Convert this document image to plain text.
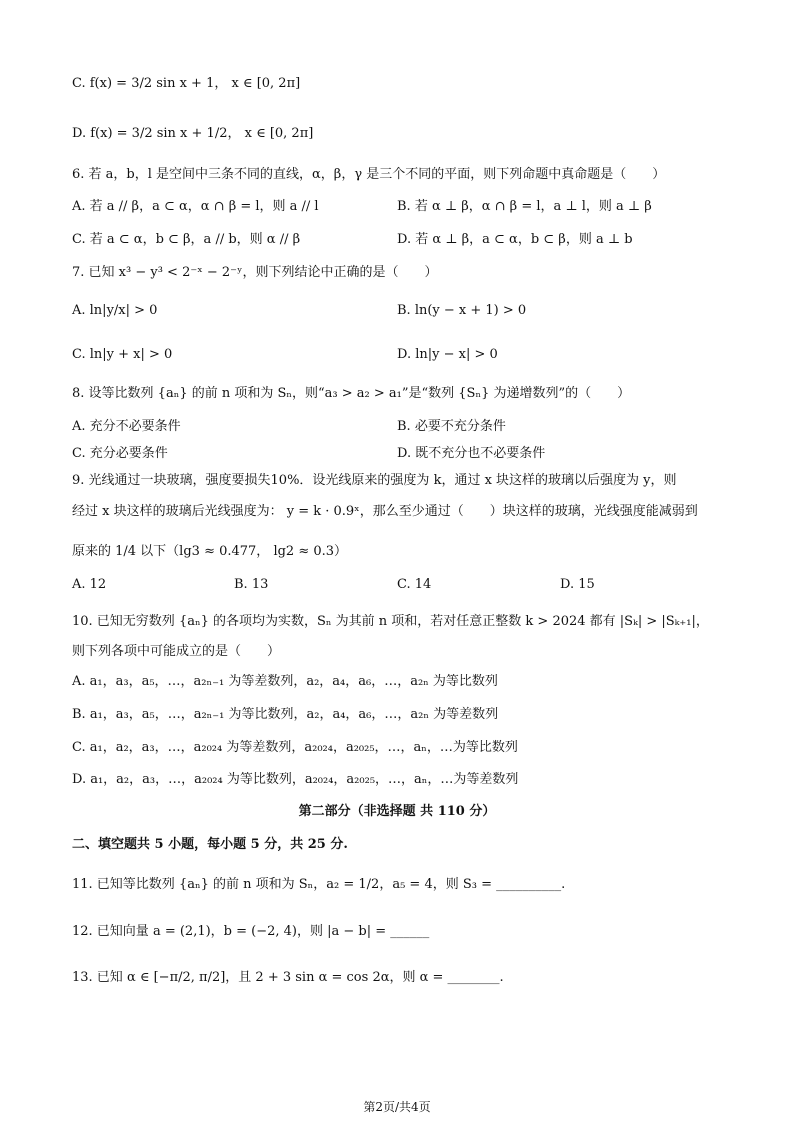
C. f(x) = 3/2 sin x + 1， x ∈ [0, 2π]
D. f(x) = 3/2 sin x + 1/2， x ∈ [0, 2π]
6. 若 a，b，l 是空间中三条不同的直线，α，β，γ 是三个不同的平面，则下列命题中真命题是（　　）
A. 若 a // β，a ⊂ α，α ∩ β = l，则 a // l	B. 若 α ⊥ β，α ∩ β = l，a ⊥ l，则 a ⊥ β
C. 若 a ⊂ α，b ⊂ β，a // b，则 α // β	D. 若 α ⊥ β，a ⊂ α，b ⊂ β，则 a ⊥ b
7. 已知 x³ − y³ < 2⁻ˣ − 2⁻ʸ，则下列结论中正确的是（　　）
A. ln|y/x| > 0	B. ln(y − x + 1) > 0
C. ln|y + x| > 0	D. ln|y − x| > 0
8. 设等比数列 {aₙ} 的前 n 项和为 Sₙ，则“a₃ > a₂ > a₁”是“数列 {Sₙ} 为递增数列”的（　　）
A. 充分不必要条件	B. 必要不充分条件
C. 充分必要条件	D. 既不充分也不必要条件
9. 光线通过一块玻璃，强度要损失10%．设光线原来的强度为 k，通过 x 块这样的玻璃以后强度为 y，则
经过 x 块这样的玻璃后光线强度为： y = k · 0.9ˣ，那么至少通过（　　）块这样的玻璃，光线强度能减弱到
原来的 1/4 以下（lg3 ≈ 0.477， lg2 ≈ 0.3）
A. 12	B. 13	C. 14	D. 15
10. 已知无穷数列 {aₙ} 的各项均为实数，Sₙ 为其前 n 项和，若对任意正整数 k > 2024 都有 |Sₖ| > |Sₖ₊₁|，
则下列各项中可能成立的是（　　）
A. a₁，a₃，a₅，…，a₂ₙ₋₁ 为等差数列，a₂，a₄，a₆，…，a₂ₙ 为等比数列
B. a₁，a₃，a₅，…，a₂ₙ₋₁ 为等比数列，a₂，a₄，a₆，…，a₂ₙ 为等差数列
C. a₁，a₂，a₃，…，a₂₀₂₄ 为等差数列，a₂₀₂₄，a₂₀₂₅，…，aₙ，…为等比数列
D. a₁，a₂，a₃，…，a₂₀₂₄ 为等比数列，a₂₀₂₄，a₂₀₂₅，…，aₙ，…为等差数列
第二部分（非选择题 共 110 分）
二、填空题共 5 小题，每小题 5 分，共 25 分.
11. 已知等比数列 {aₙ} 的前 n 项和为 Sₙ，a₂ = 1/2，a₅ = 4，则 S₃ = __________.
12. 已知向量 a = (2,1)，b = (−2, 4)，则 |a − b| = ______
13. 已知 α ∈ [−π/2, π/2]，且 2 + 3 sin α = cos 2α，则 α = ________.
第2页/共4页
